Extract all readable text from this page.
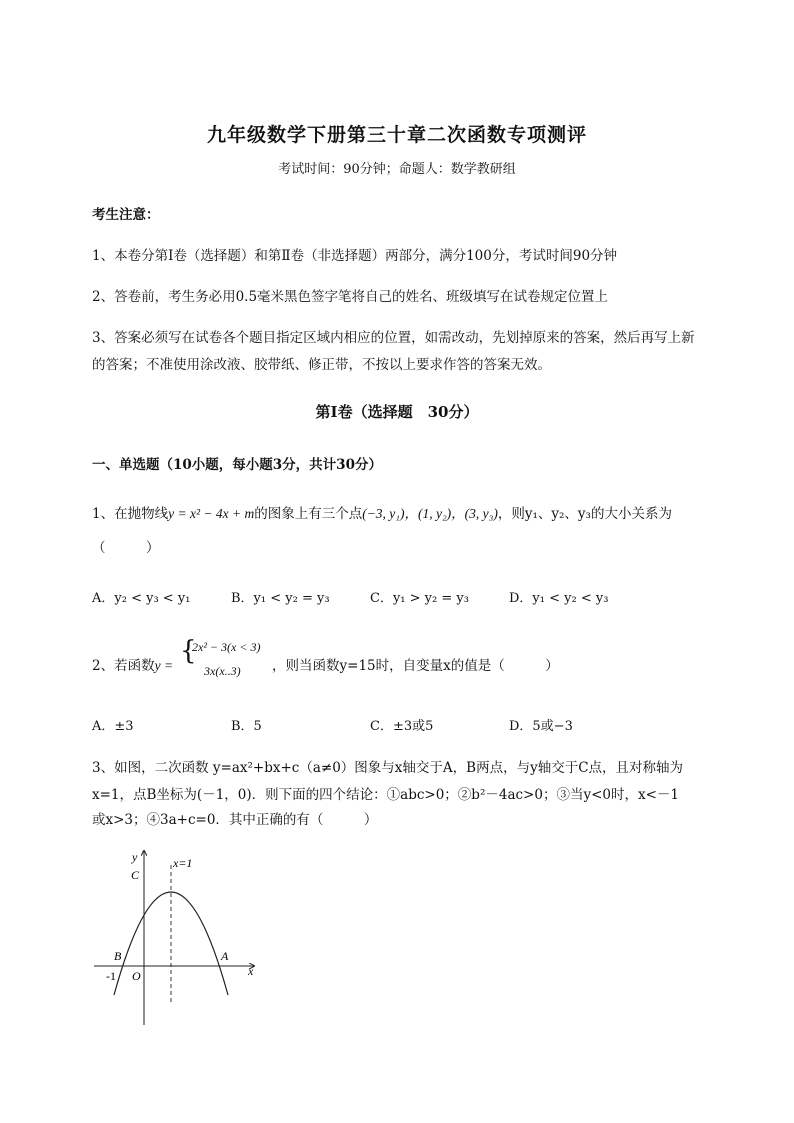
九年级数学下册第三十章二次函数专项测评
考试时间：90分钟；命题人：数学教研组
考生注意：
1、本卷分第Ⅰ卷（选择题）和第Ⅱ卷（非选择题）两部分，满分100分，考试时间90分钟
2、答卷前，考生务必用0.5毫米黑色签字笔将自己的姓名、班级填写在试卷规定位置上
3、答案必须写在试卷各个题目指定区域内相应的位置，如需改动，先划掉原来的答案，然后再写上新
的答案；不准使用涂改液、胶带纸、修正带，不按以上要求作答的答案无效。
第Ⅰ卷（选择题　30分）
一、单选题（10小题，每小题3分，共计30分）
1、在抛物线y = x² − 4x + m的图象上有三个点(−3, y₁)，(1, y₂)，(3, y₃)，则y₁、y₂、y₃的大小关系为
（　　　）
A．y₂ < y₃ < y₁	B．y₁ < y₂ = y₃	C．y₁ > y₂ = y₃	D．y₁ < y₂ < y₃
2、若函数y = {
2x² − 3(x < 3)
3x(x..3) ，则当函数y=15时，自变量x的值是（　　　）
A．±3	B．5	C．±3或5	D．5或−3
3、如图，二次函数 y=ax²+bx+c（a≠0）图象与x轴交于A，B两点，与y轴交于C点，且对称轴为
x=1，点B坐标为(－1，0)．则下面的四个结论：①abc>0；②b²－4ac>0；③当y<0时，x<－1
或x>3；④3a+c=0．其中正确的有（　　　）
y
x
x=1
C
B	A
O
-1
